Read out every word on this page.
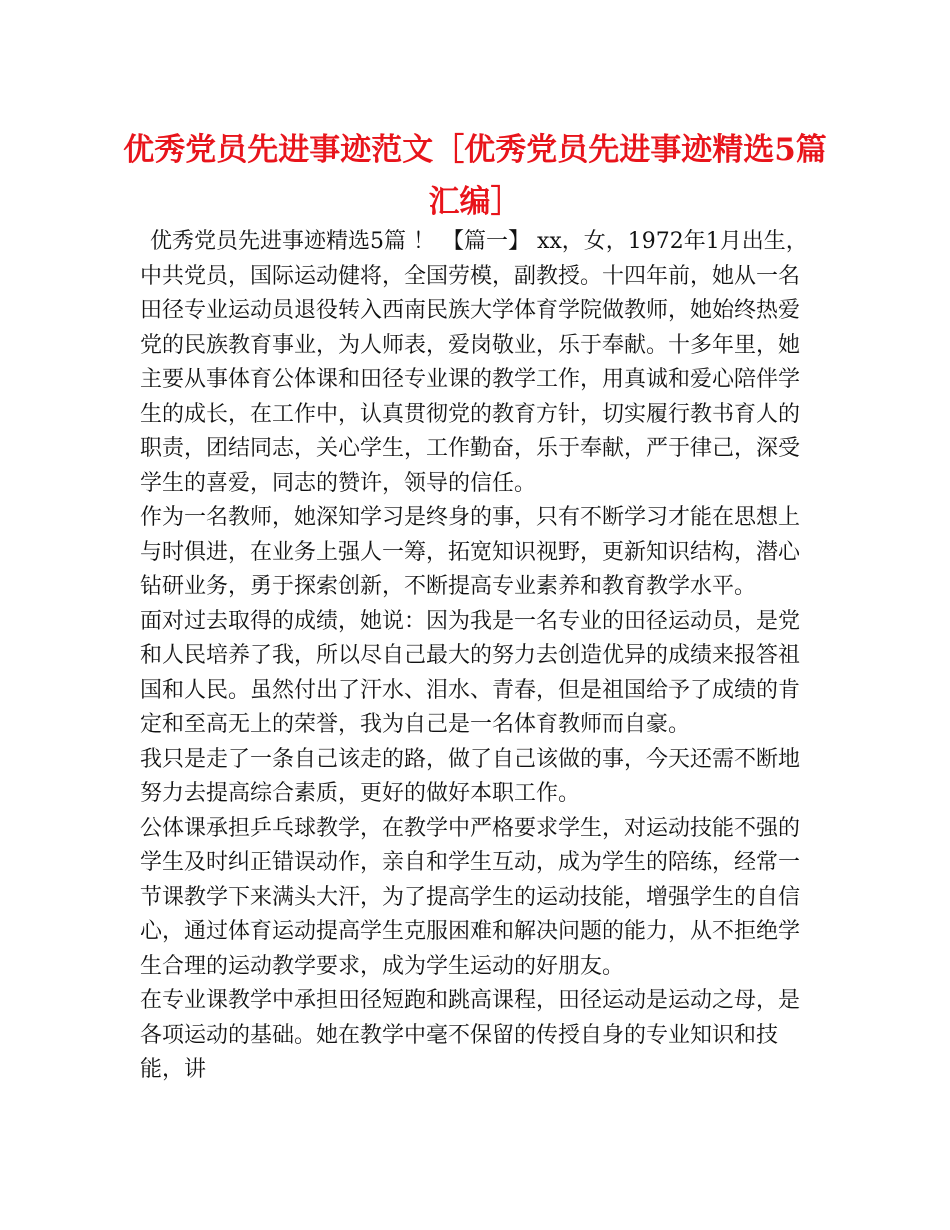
优秀党员先进事迹范文［优秀党员先进事迹精选5篇汇编］

优秀党员先进事迹精选5篇 ！ 【篇一】 xx，女，1972年1月出生，中共党员，国际运动健将，全国劳模，副教授。十四年前，她从一名田径专业运动员退役转入西南民族大学体育学院做教师，她始终热爱党的民族教育事业，为人师表，爱岗敬业，乐于奉献。十多年里，她主要从事体育公体课和田径专业课的教学工作，用真诚和爱心陪伴学生的成长，在工作中，认真贯彻党的教育方针，切实履行教书育人的职责，团结同志，关心学生，工作勤奋，乐于奉献，严于律己，深受学生的喜爱，同志的赞许，领导的信任。

作为一名教师，她深知学习是终身的事，只有不断学习才能在思想上与时俱进，在业务上强人一筹，拓宽知识视野，更新知识结构，潜心钻研业务，勇于探索创新，不断提高专业素养和教育教学水平。

面对过去取得的成绩，她说：因为我是一名专业的田径运动员，是党和人民培养了我，所以尽自己最大的努力去创造优异的成绩来报答祖国和人民。虽然付出了汗水、泪水、青春，但是祖国给予了成绩的肯定和至高无上的荣誉，我为自己是一名体育教师而自豪。

我只是走了一条自己该走的路，做了自己该做的事，今天还需不断地努力去提高综合素质，更好的做好本职工作。

公体课承担乒乓球教学，在教学中严格要求学生，对运动技能不强的学生及时纠正错误动作，亲自和学生互动，成为学生的陪练，经常一节课教学下来满头大汗，为了提高学生的运动技能，增强学生的自信心，通过体育运动提高学生克服困难和解决问题的能力，从不拒绝学生合理的运动教学要求，成为学生运动的好朋友。

在专业课教学中承担田径短跑和跳高课程，田径运动是运动之母，是各项运动的基础。她在教学中毫不保留的传授自身的专业知识和技能，讲
